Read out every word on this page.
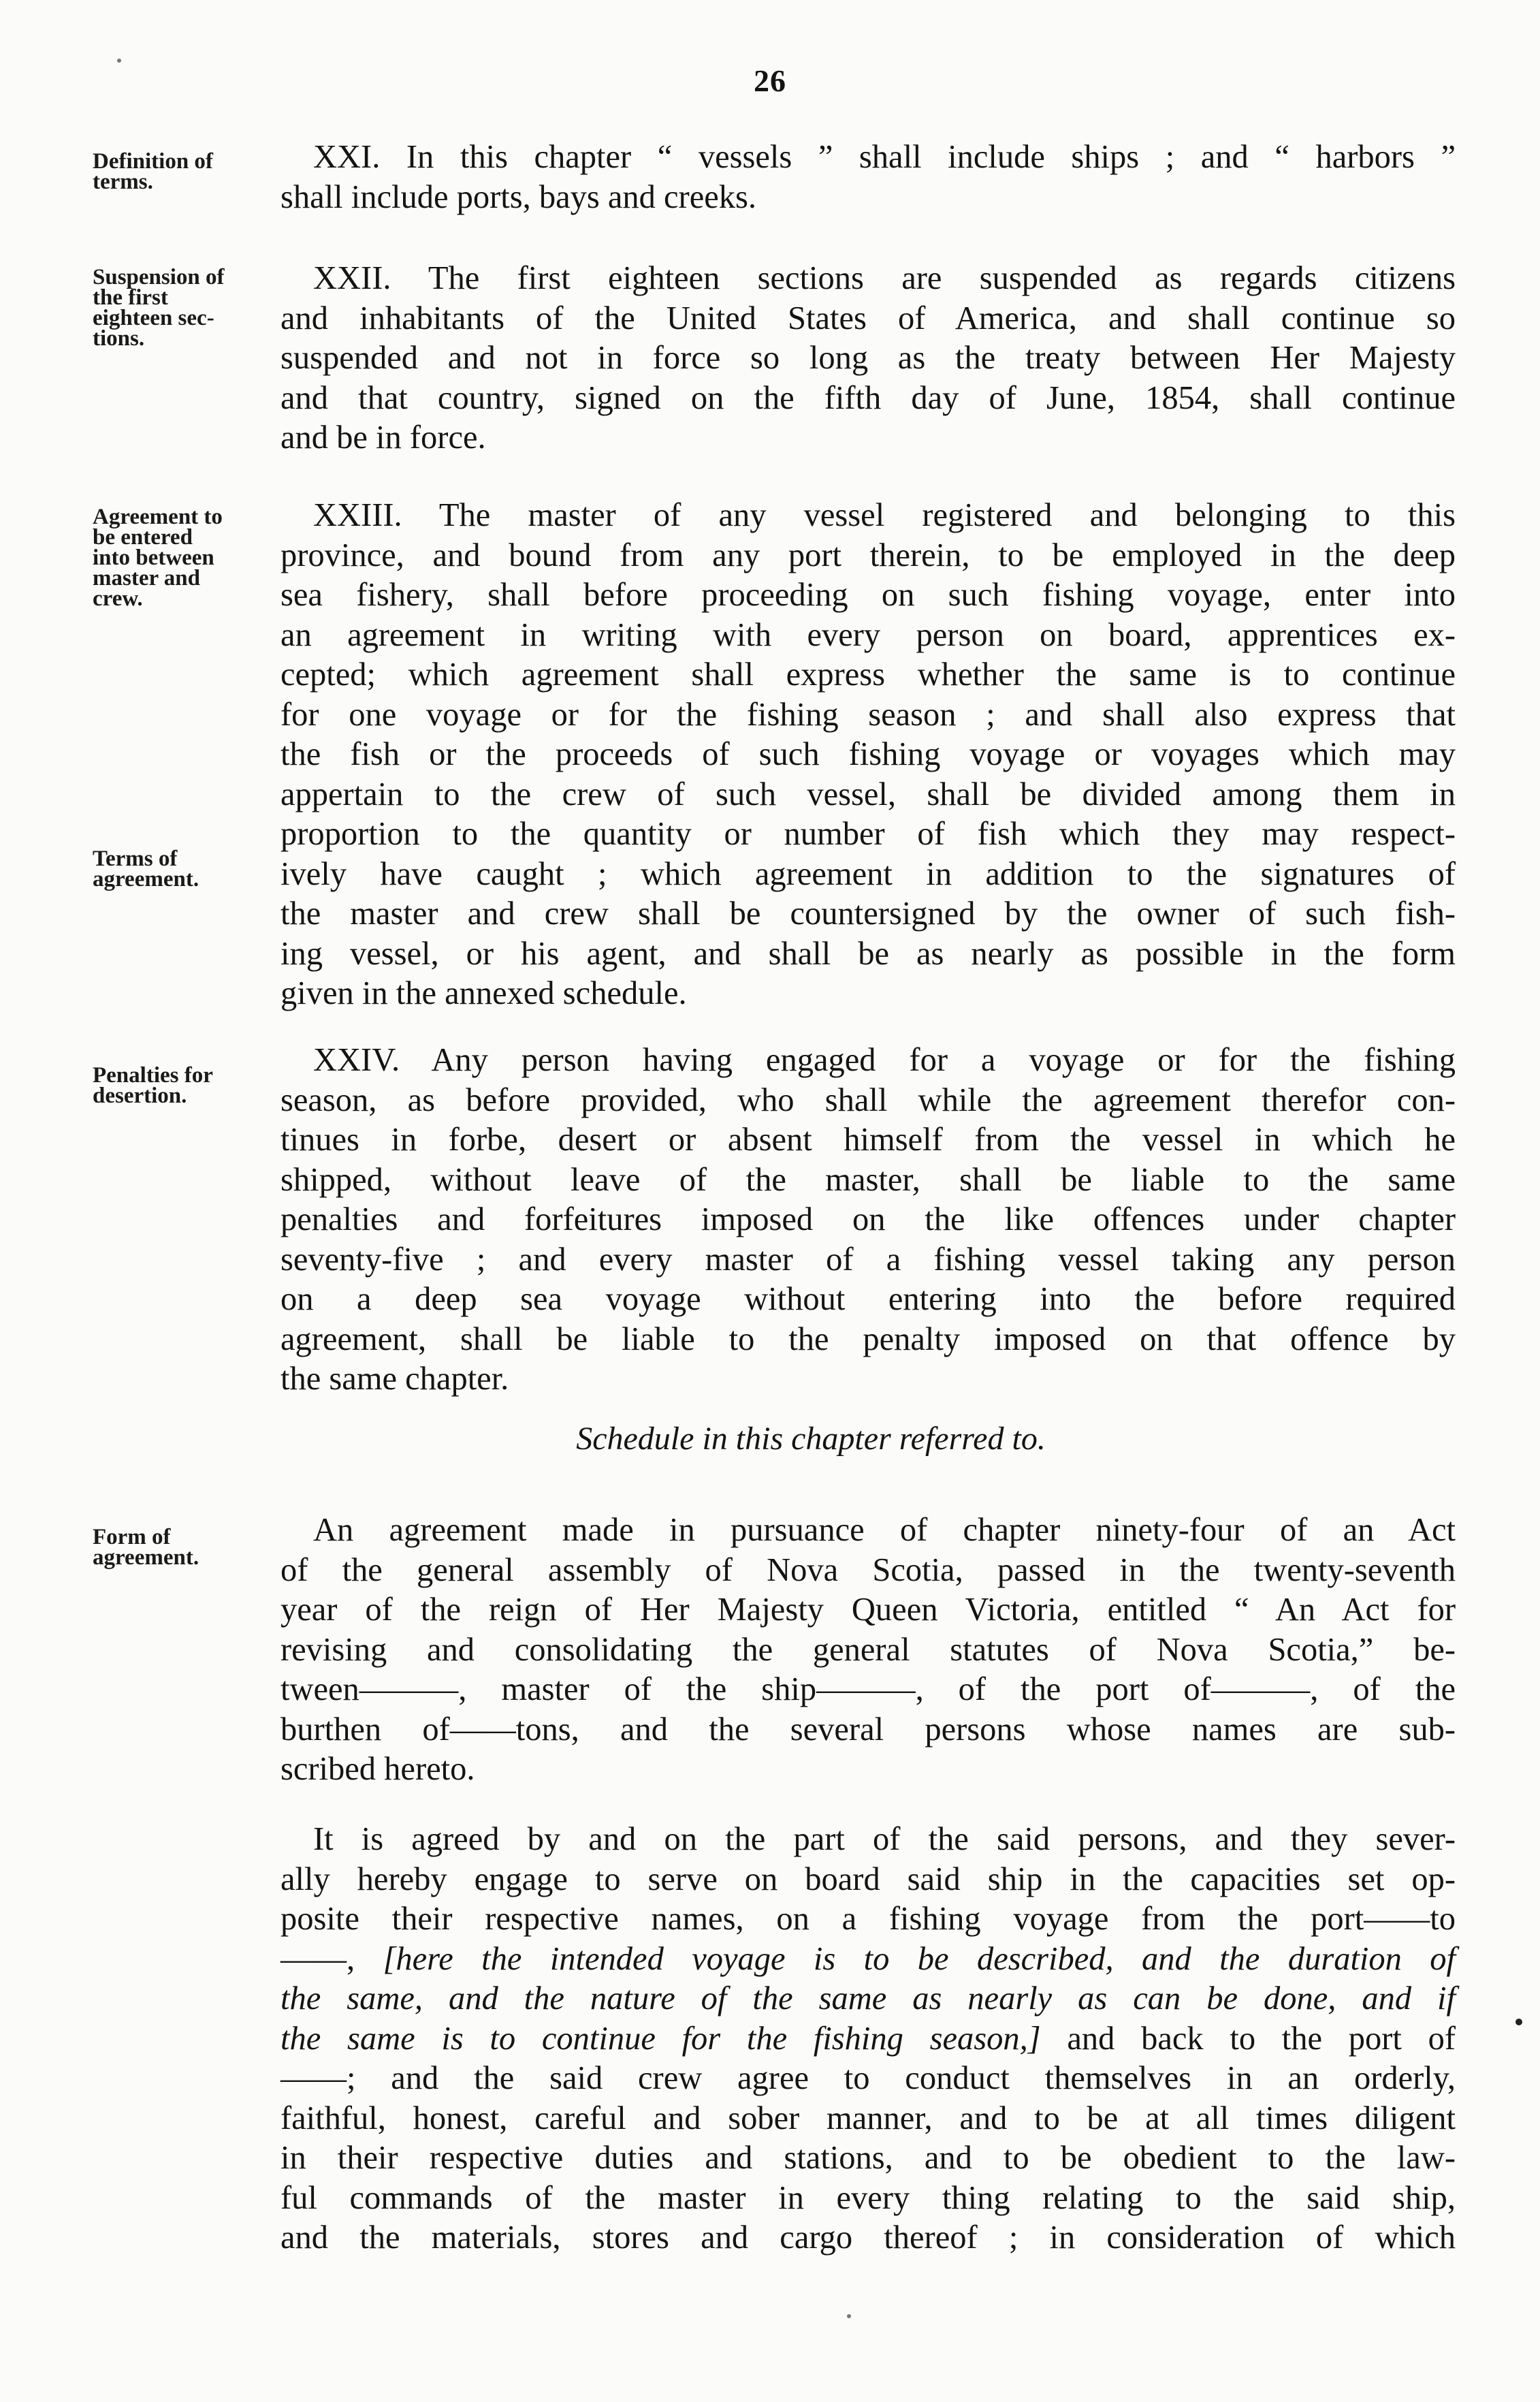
26
Definition of
terms.
XXI. In this chapter “ vessels ” shall include ships ; and “ harbors ”
shall include ports, bays and creeks.
Suspension of
the first
eighteen sec-
tions.
XXII. The first eighteen sections are suspended as regards citizens
and inhabitants of the United States of America, and shall continue so
suspended and not in force so long as the treaty between Her Majesty
and that country, signed on the fifth day of June, 1854, shall continue
and be in force.
Agreement to
be entered
into between
master and
crew.
Terms of
agreement.
XXIII. The master of any vessel registered and belonging to this
province, and bound from any port therein, to be employed in the deep
sea fishery, shall before proceeding on such fishing voyage, enter into
an agreement in writing with every person on board, apprentices ex-
cepted; which agreement shall express whether the same is to continue
for one voyage or for the fishing season ; and shall also express that
the fish or the proceeds of such fishing voyage or voyages which may
appertain to the crew of such vessel, shall be divided among them in
proportion to the quantity or number of fish which they may respect-
ively have caught ; which agreement in addition to the signatures of
the master and crew shall be countersigned by the owner of such fish-
ing vessel, or his agent, and shall be as nearly as possible in the form
given in the annexed schedule.
Penalties for
desertion.
XXIV. Any person having engaged for a voyage or for the fishing
season, as before provided, who shall while the agreement therefor con-
tinues in forbe, desert or absent himself from the vessel in which he
shipped, without leave of the master, shall be liable to the same
penalties and forfeitures imposed on the like offences under chapter
seventy-five ; and every master of a fishing vessel taking any person
on a deep sea voyage without entering into the before required
agreement, shall be liable to the penalty imposed on that offence by
the same chapter.
Schedule in this chapter referred to.
Form of
agreement.
An agreement made in pursuance of chapter ninety-four of an Act
of the general assembly of Nova Scotia, passed in the twenty-seventh
year of the reign of Her Majesty Queen Victoria, entitled “ An Act for
revising and consolidating the general statutes of Nova Scotia,” be-
tween———, master of the ship———, of the port of———, of the
burthen of——tons, and the several persons whose names are sub-
scribed hereto.
It is agreed by and on the part of the said persons, and they sever-
ally hereby engage to serve on board said ship in the capacities set op-
posite their respective names, on a fishing voyage from the port——to
——, [here the intended voyage is to be described, and the duration of
the same, and the nature of the same as nearly as can be done, and if
the same is to continue for the fishing season,] and back to the port of
——; and the said crew agree to conduct themselves in an orderly,
faithful, honest, careful and sober manner, and to be at all times diligent
in their respective duties and stations, and to be obedient to the law-
ful commands of the master in every thing relating to the said ship,
and the materials, stores and cargo thereof ; in consideration of which
